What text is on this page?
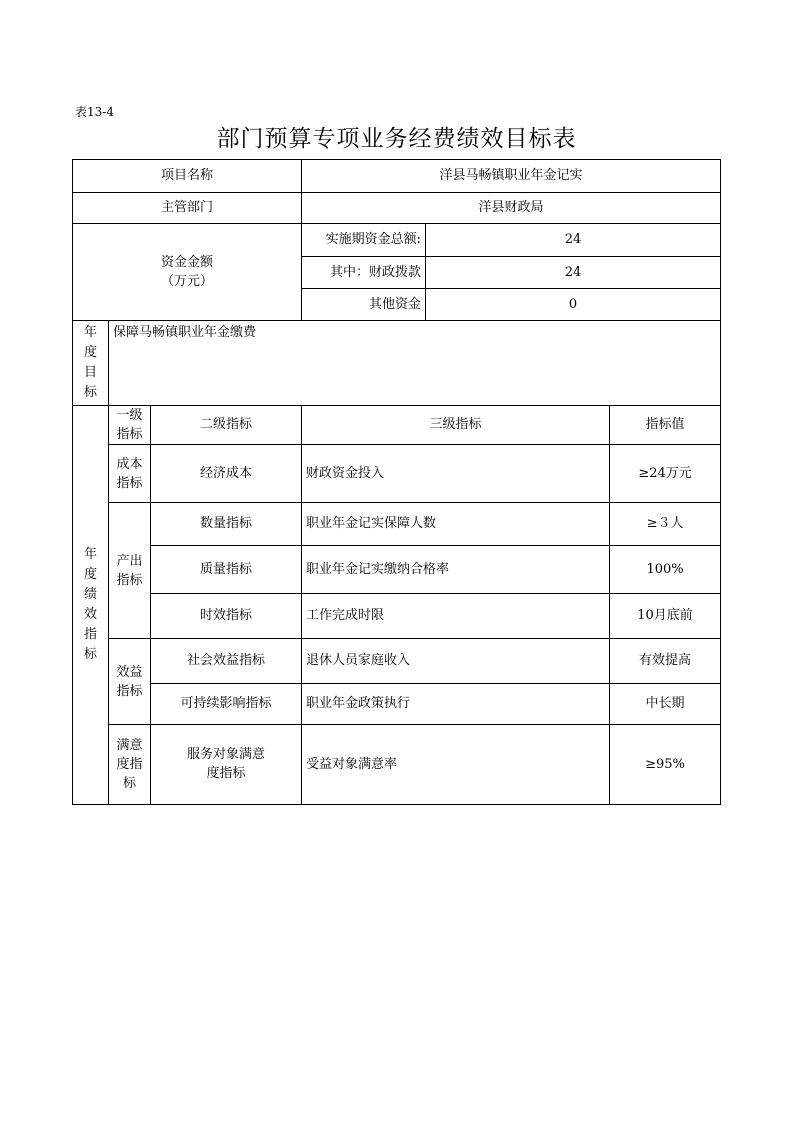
表13-4
部门预算专项业务经费绩效目标表
项目名称			洋县马畅镇职业年金记实		
主管部门			洋县财政局		

资金金额
（万元）			实施期资金总额:	24	
			其中：财政拨款	24	
			其他资金	0	

年度目标	保障马畅镇职业年金缴费				

年度绩效指标	一级指标	二级指标	三级指标		指标值

	成本指标	经济成本	财政资金投入		≥24万元

	产出指标	数量指标	职业年金记实保障人数		≥３人
		质量指标	职业年金记实缴纳合格率		100%
		时效指标	工作完成时限		10月底前

	效益指标	社会效益指标	退休人员家庭收入		有效提高
		可持续影响指标	职业年金政策执行		中长期

	满意度指标	服务对象满意度指标	受益对象满意率		≥95%
